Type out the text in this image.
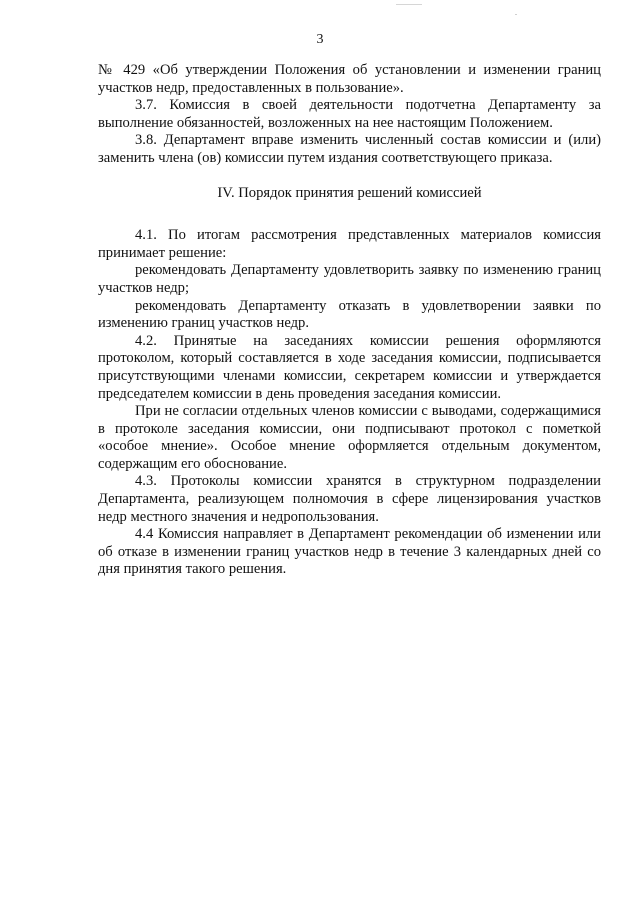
3

№ 429 «Об утверждении Положения об установлении и изменении границ участков недр, предоставленных в пользование».

3.7. Комиссия в своей деятельности подотчетна Департаменту за выполнение обязанностей, возложенных на нее настоящим Положением.

3.8. Департамент вправе изменить численный состав комиссии и (или) заменить члена (ов) комиссии путем издания соответствующего приказа.

IV. Порядок принятия решений комиссией

4.1. По итогам рассмотрения представленных материалов комиссия принимает решение:

рекомендовать Департаменту удовлетворить заявку по изменению границ участков недр;

рекомендовать Департаменту отказать в удовлетворении заявки по изменению границ участков недр.

4.2. Принятые на заседаниях комиссии решения оформляются протоколом, который составляется в ходе заседания комиссии, подписывается присутствующими членами комиссии, секретарем комиссии и утверждается председателем комиссии в день проведения заседания комиссии.

При не согласии отдельных членов комиссии с выводами, содержащимися в протоколе заседания комиссии, они подписывают протокол с пометкой «особое мнение». Особое мнение оформляется отдельным документом, содержащим его обоснование.

4.3. Протоколы комиссии хранятся в структурном подразделении Департамента, реализующем полномочия в сфере лицензирования участков недр местного значения и недропользования.

4.4 Комиссия направляет в Департамент рекомендации об изменении или об отказе в изменении границ участков недр в течение 3 календарных дней со дня принятия такого решения.
